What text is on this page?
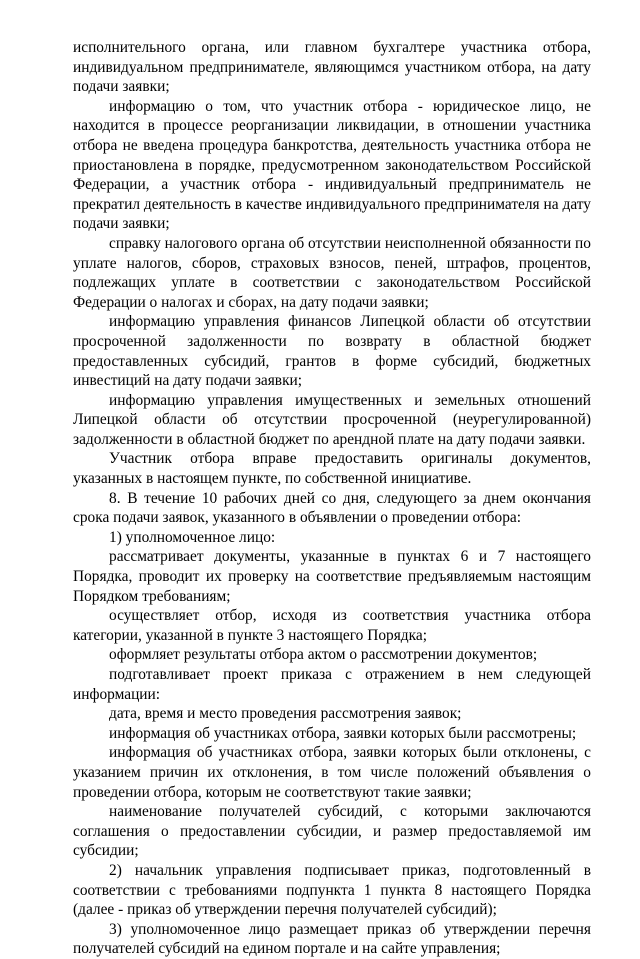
исполнительного органа, или главном бухгалтере участника отбора, индивидуальном предпринимателе, являющимся участником отбора, на дату подачи заявки;

информацию о том, что участник отбора - юридическое лицо, не находится в процессе реорганизации ликвидации, в отношении участника отбора не введена процедура банкротства, деятельность участника отбора не приостановлена в порядке, предусмотренном законодательством Российской Федерации, а участник отбора - индивидуальный предприниматель не прекратил деятельность в качестве индивидуального предпринимателя на дату подачи заявки;

справку налогового органа об отсутствии неисполненной обязанности по уплате налогов, сборов, страховых взносов, пеней, штрафов, процентов, подлежащих уплате в соответствии с законодательством Российской Федерации о налогах и сборах, на дату подачи заявки;

информацию управления финансов Липецкой области об отсутствии просроченной задолженности по возврату в областной бюджет предоставленных субсидий, грантов в форме субсидий, бюджетных инвестиций на дату подачи заявки;

информацию управления имущественных и земельных отношений Липецкой области об отсутствии просроченной (неурегулированной) задолженности в областной бюджет по арендной плате на дату подачи заявки.

Участник отбора вправе предоставить оригиналы документов, указанных в настоящем пункте, по собственной инициативе.

8. В течение 10 рабочих дней со дня, следующего за днем окончания срока подачи заявок, указанного в объявлении о проведении отбора:

1) уполномоченное лицо:

рассматривает документы, указанные в пунктах 6 и 7 настоящего Порядка, проводит их проверку на соответствие предъявляемым настоящим Порядком требованиям;

осуществляет отбор, исходя из соответствия участника отбора категории, указанной в пункте 3 настоящего Порядка;

оформляет результаты отбора актом о рассмотрении документов;

подготавливает проект приказа с отражением в нем следующей информации:

дата, время и место проведения рассмотрения заявок;

информация об участниках отбора, заявки которых были рассмотрены;

информация об участниках отбора, заявки которых были отклонены, с указанием причин их отклонения, в том числе положений объявления о проведении отбора, которым не соответствуют такие заявки;

наименование получателей субсидий, с которыми заключаются соглашения о предоставлении субсидии, и размер предоставляемой им субсидии;

2) начальник управления подписывает приказ, подготовленный в соответствии с требованиями подпункта 1 пункта 8 настоящего Порядка (далее - приказ об утверждении перечня получателей субсидий);

3) уполномоченное лицо размещает приказ об утверждении перечня получателей субсидий на едином портале и на сайте управления;
